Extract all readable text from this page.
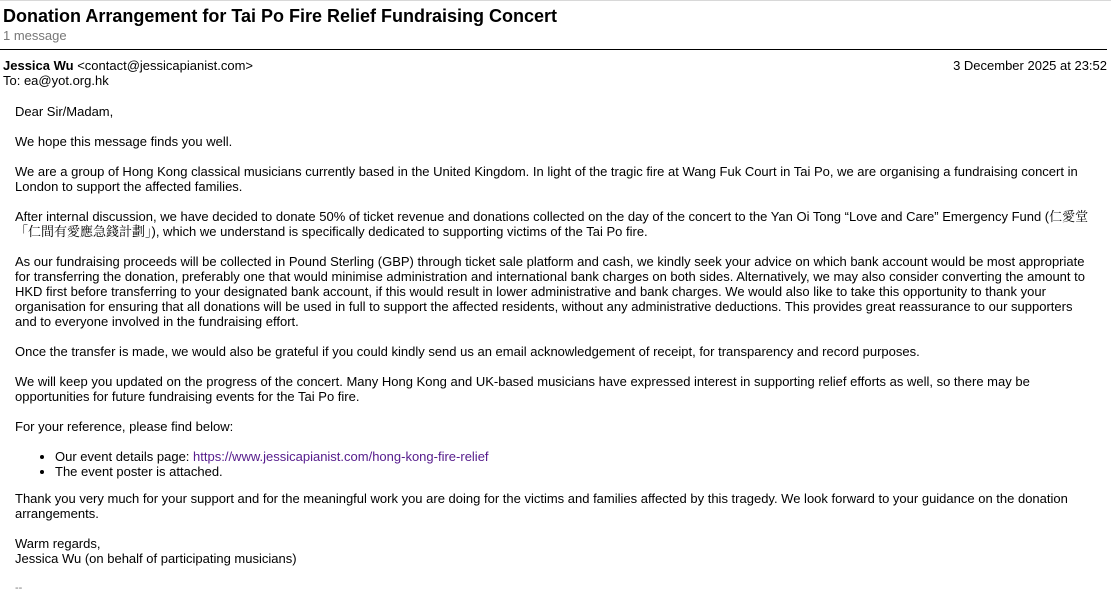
Donation Arrangement for Tai Po Fire Relief Fundraising Concert
1 message
Jessica Wu <contact@jessicapianist.com>	3 December 2025 at 23:52
To: ea@yot.org.hk

Dear Sir/Madam,

We hope this message finds you well.

We are a group of Hong Kong classical musicians currently based in the United Kingdom. In light of the tragic fire at Wang Fuk Court in Tai Po, we are organising a fundraising concert in London to support the affected families.

After internal discussion, we have decided to donate 50% of ticket revenue and donations collected on the day of the concert to the Yan Oi Tong “Love and Care” Emergency Fund (仁愛堂「仁間有愛應急錢計劃」), which we understand is specifically dedicated to supporting victims of the Tai Po fire.

As our fundraising proceeds will be collected in Pound Sterling (GBP) through ticket sale platform and cash, we kindly seek your advice on which bank account would be most appropriate for transferring the donation, preferably one that would minimise administration and international bank charges on both sides. Alternatively, we may also consider converting the amount to HKD first before transferring to your designated bank account, if this would result in lower administrative and bank charges. We would also like to take this opportunity to thank your organisation for ensuring that all donations will be used in full to support the affected residents, without any administrative deductions. This provides great reassurance to our supporters and to everyone involved in the fundraising effort.

Once the transfer is made, we would also be grateful if you could kindly send us an email acknowledgement of receipt, for transparency and record purposes.

We will keep you updated on the progress of the concert. Many Hong Kong and UK-based musicians have expressed interest in supporting relief efforts as well, so there may be opportunities for future fundraising events for the Tai Po fire.

For your reference, please find below:

• Our event details page: https://www.jessicapianist.com/hong-kong-fire-relief
• The event poster is attached.

Thank you very much for your support and for the meaningful work you are doing for the victims and families affected by this tragedy. We look forward to your guidance on the donation arrangements.

Warm regards,
Jessica Wu (on behalf of participating musicians)

--
